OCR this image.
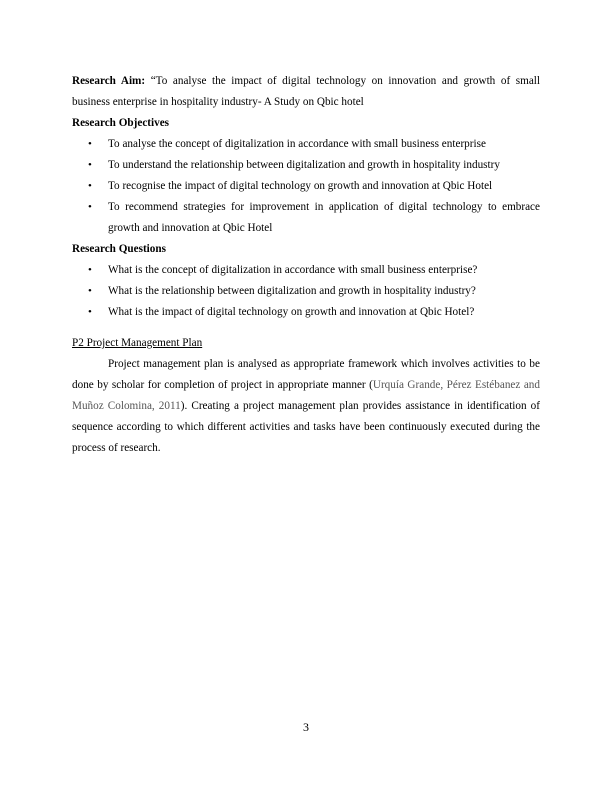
Research Aim: “To analyse the impact of digital technology on innovation and growth of small business enterprise in hospitality industry- A Study on Qbic hotel

Research Objectives
• To analyse the concept of digitalization in accordance with small business enterprise
• To understand the relationship between digitalization and growth in hospitality industry
• To recognise the impact of digital technology on growth and innovation at Qbic Hotel
• To recommend strategies for improvement in application of digital technology to embrace growth and innovation at Qbic Hotel
Research Questions
• What is the concept of digitalization in accordance with small business enterprise?
• What is the relationship between digitalization and growth in hospitality industry?
• What is the impact of digital technology on growth and innovation at Qbic Hotel?
P2 Project Management Plan

Project management plan is analysed as appropriate framework which involves activities to be done by scholar for completion of project in appropriate manner (Urquía Grande, Pérez Estébanez and Muñoz Colomina, 2011). Creating a project management plan provides assistance in identification of sequence according to which different activities and tasks have been continuously executed during the process of research.

3
